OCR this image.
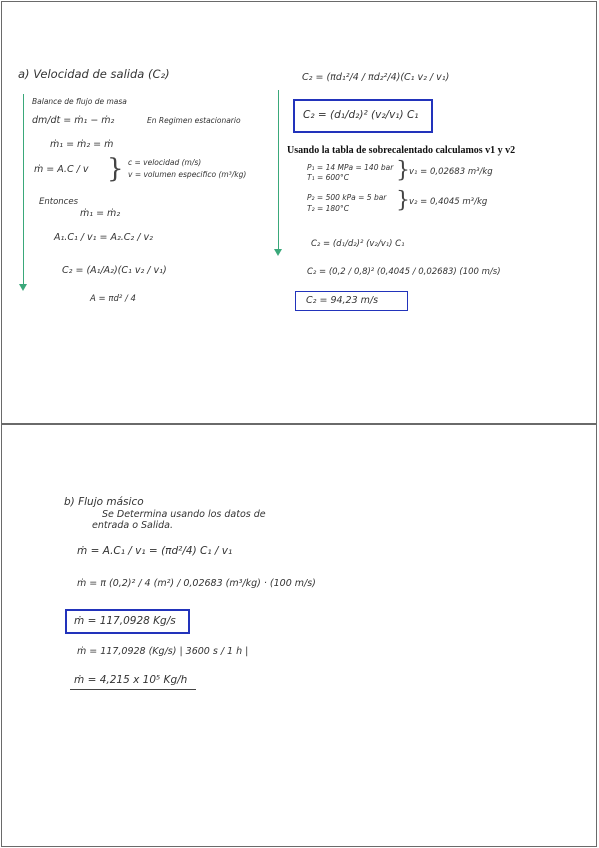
a) Velocidad de salida (C₂)
Balance de flujo de masa
dm/dt = ṁ₁ − ṁ₂	En Regimen estacionario
ṁ₁ = ṁ₂ = ṁ
ṁ = A.C / v } c = velocidad (m/s)
v = volumen especifico (m³/kg)
Entonces
ṁ₁ = ṁ₂
A₁.C₁ / v₁ = A₂.C₂ / v₂
C₂ = (A₁/A₂)(C₁ v₂ / v₁)
A = πd² / 4
C₂ = (πd₁²/4 / πd₂²/4)(C₁ v₂ / v₁)
C₂ = (d₁/d₂)² (v₂/v₁) C₁
Usando la tabla de sobrecalentado calculamos v1 y v2
P₁ = 14 MPa = 140 bar
T₁ = 600°C } v₁ = 0,02683 m³/kg
P₂ = 500 kPa = 5 bar
T₂ = 180°C } v₂ = 0,4045 m³/kg
C₂ = (d₁/d₂)² (v₂/v₁) C₁
C₂ = (0,2 / 0,8)² (0,4045 / 0,02683) (100 m/s)
C₂ = 94,23 m/s
b) Flujo másico
Se Determina usando los datos de
entrada o Salida.
ṁ = A.C₁ / v₁ = (πd²/4) C₁ / v₁
ṁ = π (0,2)² / 4 (m²) / 0,02683 (m³/kg) · (100 m/s)
ṁ = 117,0928 Kg/s
ṁ = 117,0928 (Kg/s) | 3600 s / 1 h |
ṁ = 4,215 x 10⁵ Kg/h
